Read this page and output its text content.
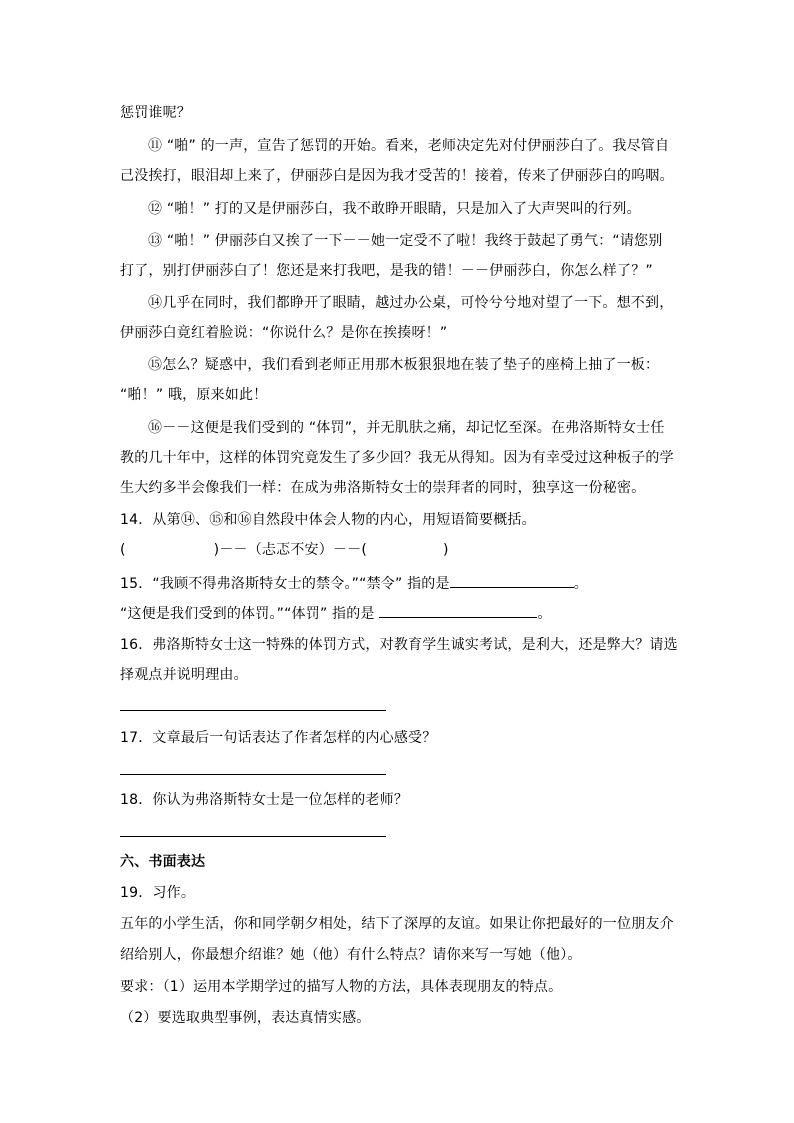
惩罚谁呢？
⑪ “啪” 的一声，宣告了惩罚的开始。看来，老师决定先对付伊丽莎白了。我尽管自
己没挨打，眼泪却上来了，伊丽莎白是因为我才受苦的！接着，传来了伊丽莎白的呜咽。
⑫ “啪！” 打的又是伊丽莎白，我不敢睁开眼睛，只是加入了大声哭叫的行列。
⑬ “啪！” 伊丽莎白又挨了一下－－她一定受不了啦！我终于鼓起了勇气：“请您别
打了，别打伊丽莎白了！您还是来打我吧，是我的错！－－伊丽莎白，你怎么样了？”
⑭几乎在同时，我们都睁开了眼睛，越过办公桌，可怜兮兮地对望了一下。想不到，
伊丽莎白竟红着脸说：“你说什么？是你在挨揍呀！”
⑮怎么？疑惑中，我们看到老师正用那木板狠狠地在装了垫子的座椅上抽了一板：
“啪！” 哦，原来如此！
⑯－－这便是我们受到的 “体罚”，并无肌肤之痛，却记忆至深。在弗洛斯特女士任
教的几十年中，这样的体罚究竟发生了多少回？我无从得知。因为有幸受过这种板子的学
生大约多半会像我们一样：在成为弗洛斯特女士的崇拜者的同时，独享这一份秘密。
14．从第⑭、⑮和⑯自然段中体会人物的内心，用短语简要概括。
(	)－－（忐忑不安）－－(	)
15．“我顾不得弗洛斯特女士的禁令。”“禁令” 指的是	。
“这便是我们受到的体罚。”“体罚” 指的是	。
16．弗洛斯特女士这一特殊的体罚方式，对教育学生诚实考试，是利大，还是弊大？请选
择观点并说明理由。
17．文章最后一句话表达了作者怎样的内心感受？
18．你认为弗洛斯特女士是一位怎样的老师？
六、书面表达
19．习作。
五年的小学生活，你和同学朝夕相处，结下了深厚的友谊。如果让你把最好的一位朋友介
绍给别人，你最想介绍谁？她（他）有什么特点？请你来写一写她（他）。
要求：（1）运用本学期学过的描写人物的方法，具体表现朋友的特点。
（2）要选取典型事例，表达真情实感。
